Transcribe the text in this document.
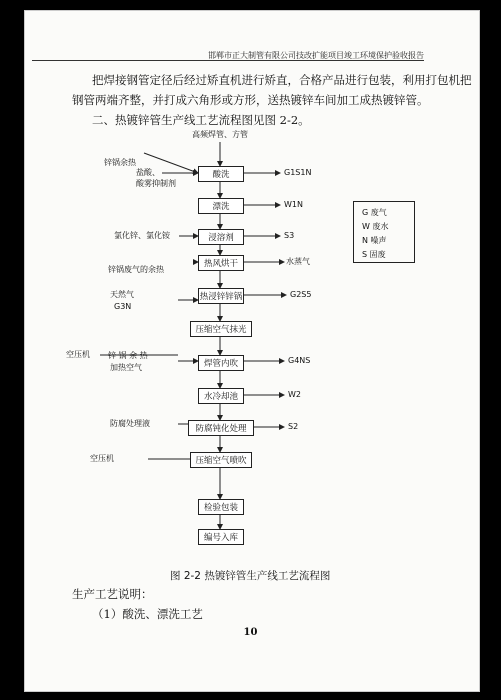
邯郸市正大制管有限公司技改扩能项目竣工环境保护验收报告
把焊接钢管定径后经过矫直机进行矫直，合格产品进行包装，利用打包机把
钢管两端齐整，并打成六角形或方形，送热镀锌车间加工成热镀锌管。
二、热镀锌管生产线工艺流程图见图 2-2。
高频焊管、方管
酸洗
漂洗
浸溶剂
热风烘干
热浸锌锌锅
压缩空气抹光
焊管内吹
水冷却池
防腐钝化处理
压缩空气喷吹
检验包装
编号入库
锌锅余热
盐酸、
酸雾抑制剂
氯化锌、氯化铵
锌锅废气的余热
天然气
G3N
空压机 锌 锅 余 热
加热空气
防腐处理液
空压机
G1S1N
W1N
S3
水蒸气
G2S5
G4NS
W2
S2
G 废气
W 废水
N 噪声
S 固废
图 2-2 热镀锌管生产线工艺流程图
生产工艺说明：
（1）酸洗、漂洗工艺
10
